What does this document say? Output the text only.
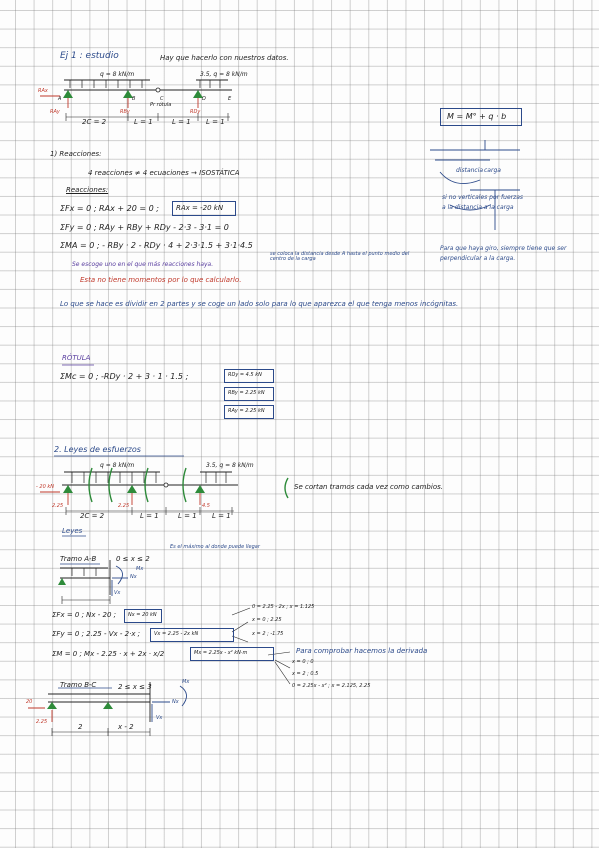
Ej 1 : estudio	Hay que hacerlo con nuestros datos.
q = 8 kN/m	3.5, q = 8 kN/m
A	B	C	D	E
Pr rótula
RAx
RAy	RBy	RDy
2C = 2	L = 1	L = 1 L = 1
M = M° + q · b
distancia carga
si no verticales por fuerzas
a la distancia a la carga
Para que haya giro, siempre tiene que ser perpendicular a la carga.
1) Reacciones:
4 reacciones ≠ 4 ecuaciones → ISOSTÁTICA
Reacciones:
ΣFx = 0 ; RAx + 20 = 0 ; RAx = -20 kN
ΣFy = 0 ; RAy + RBy + RDy - 2·3 - 3·1 = 0
ΣMA = 0 ; - RBy · 2 - RDy · 4 + 2·3·1.5 + 3·1·4.5
se coloca la distancia desde A hasta el punto medio del centro de la carga
Se escoge uno en el que más reacciones haya.
Esta no tiene momentos por lo que calcularlo.
Lo que se hace es dividir en 2 partes y se coge un lado solo para lo que aparezca el que tenga menos incógnitas.
RÓTULA
ΣMc = 0 ; -RDy · 2 + 3 · 1 · 1.5 ;	RDy = 4.5 kN
RBy = 2.25 kN
RAy = 2.25 kN
2. Leyes de esfuerzos
q = 8 kN/m	3.5, q = 8 kN/m
- 20 kN
2.25	2.25	4.5
2C = 2	L = 1	L = 1 L = 1
Se cortan tramos cada vez como cambios.
Leyes
Tramo A-B	0 ≤ x ≤ 2
Es el máximo al donde puede llegar
Mx
Nx
Vx
ΣFx = 0 ; Nx - 20 ; Nx = 20 kN
ΣFy = 0 ; 2.25 - Vx - 2·x ;	Vx = 2.25 - 2x kN
ΣM = 0 ; Mx - 2.25 · x + 2x · x/2	Mx = 2.25x - x² kN·m
0 = 2.25 - 2x ; x = 1.125
x = 0 ; 2.25
x = 2 ; -1.75
Para comprobar hacemos la derivada
x = 0 ; 0
x = 2 ; 0.5
0 = 2.25x - x² ; x = 2.125, 2.25
Tramo B-C	2 ≤ x ≤ 3
20
2.25
2	x - 2
Nx
Vx
Mx
